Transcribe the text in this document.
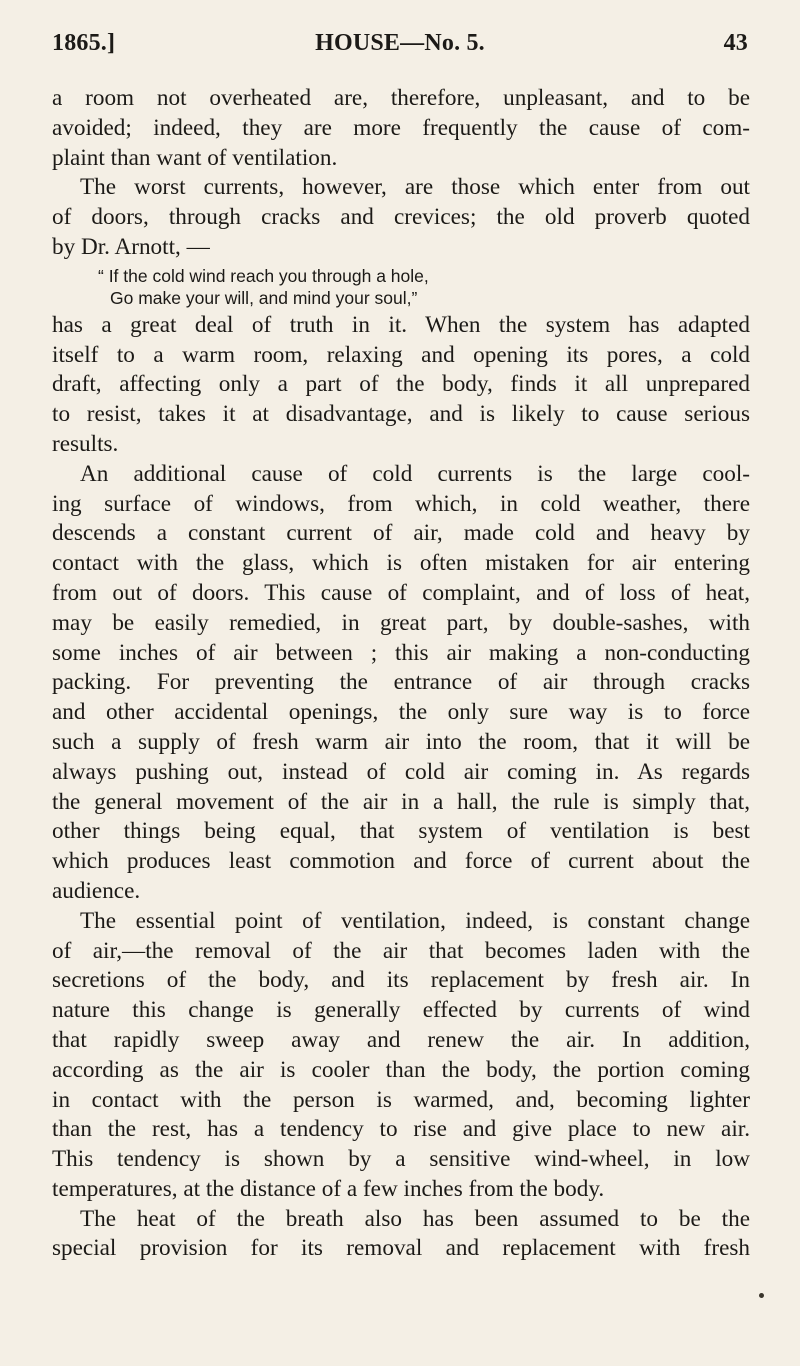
1865.]	HOUSE—No. 5.	43
a room not overheated are, therefore, unpleasant, and to be
avoided; indeed, they are more frequently the cause of com-
plaint than want of ventilation.
The worst currents, however, are those which enter from out
of doors, through cracks and crevices; the old proverb quoted
by Dr. Arnott, —
“ If the cold wind reach you through a hole,
Go make your will, and mind your soul,”
has a great deal of truth in it. When the system has adapted
itself to a warm room, relaxing and opening its pores, a cold
draft, affecting only a part of the body, finds it all unprepared
to resist, takes it at disadvantage, and is likely to cause serious
results.
An additional cause of cold currents is the large cool-
ing surface of windows, from which, in cold weather, there
descends a constant current of air, made cold and heavy by
contact with the glass, which is often mistaken for air entering
from out of doors. This cause of complaint, and of loss of heat,
may be easily remedied, in great part, by double-sashes, with
some inches of air between ; this air making a non-conducting
packing. For preventing the entrance of air through cracks
and other accidental openings, the only sure way is to force
such a supply of fresh warm air into the room, that it will be
always pushing out, instead of cold air coming in. As regards
the general movement of the air in a hall, the rule is simply that,
other things being equal, that system of ventilation is best
which produces least commotion and force of current about the
audience.
The essential point of ventilation, indeed, is constant change
of air,—the removal of the air that becomes laden with the
secretions of the body, and its replacement by fresh air. In
nature this change is generally effected by currents of wind
that rapidly sweep away and renew the air. In addition,
according as the air is cooler than the body, the portion coming
in contact with the person is warmed, and, becoming lighter
than the rest, has a tendency to rise and give place to new air.
This tendency is shown by a sensitive wind-wheel, in low
temperatures, at the distance of a few inches from the body.
The heat of the breath also has been assumed to be the
special provision for its removal and replacement with fresh
